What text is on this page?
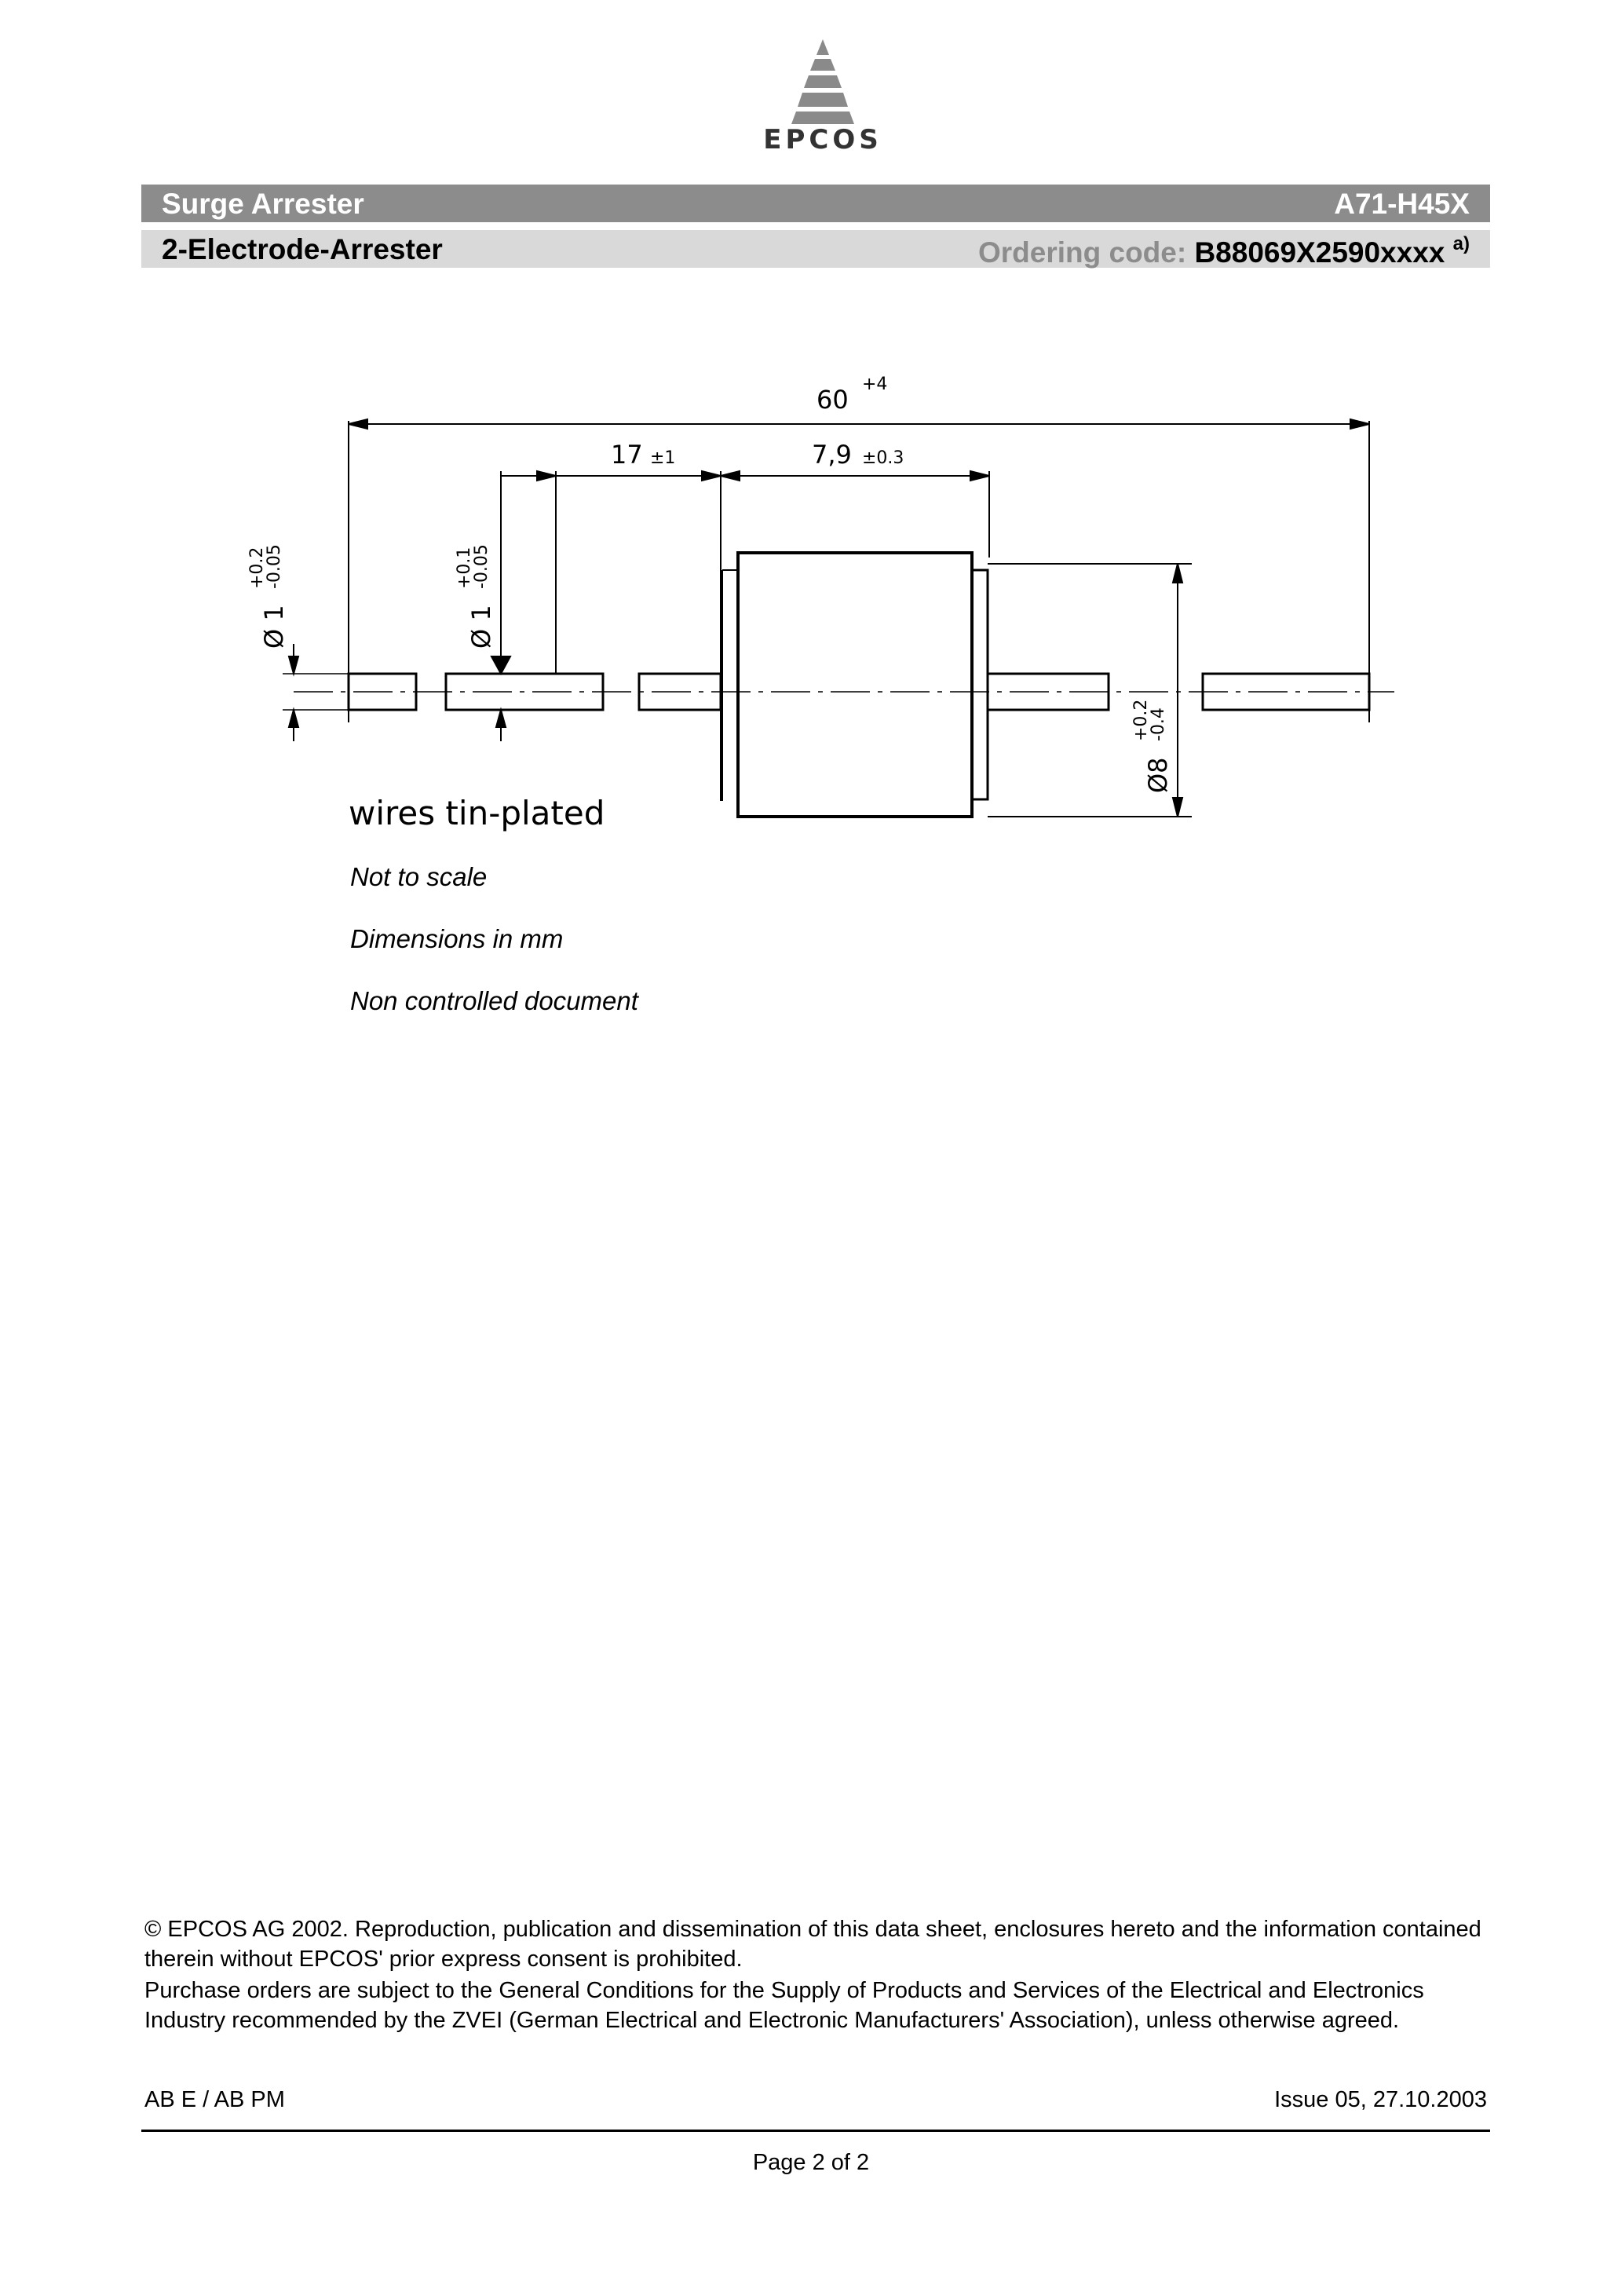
EPCOS
Surge Arrester	A71-H45X
2-Electrode-Arrester	Ordering code: B88069X2590xxxx $^{a)}$
60
+4
17 ±1	7,9 ±0.3
Ø 1
+0.2
-0.05
Ø 1
+0.1
-0.05
Ø8
+0.2
-0.4
wires tin-plated
Not to scale
Dimensions in mm
Non controlled document

© EPCOS AG 2002. Reproduction, publication and dissemination of this data sheet, enclosures hereto and the information contained therein without EPCOS' prior express consent is prohibited.

Purchase orders are subject to the General Conditions for the Supply of Products and Services of the Electrical and Electronics Industry recommended by the ZVEI (German Electrical and Electronic Manufacturers' Association), unless otherwise agreed.

AB E / AB PM	Issue 05, 27.10.2003
Page 2 of 2
